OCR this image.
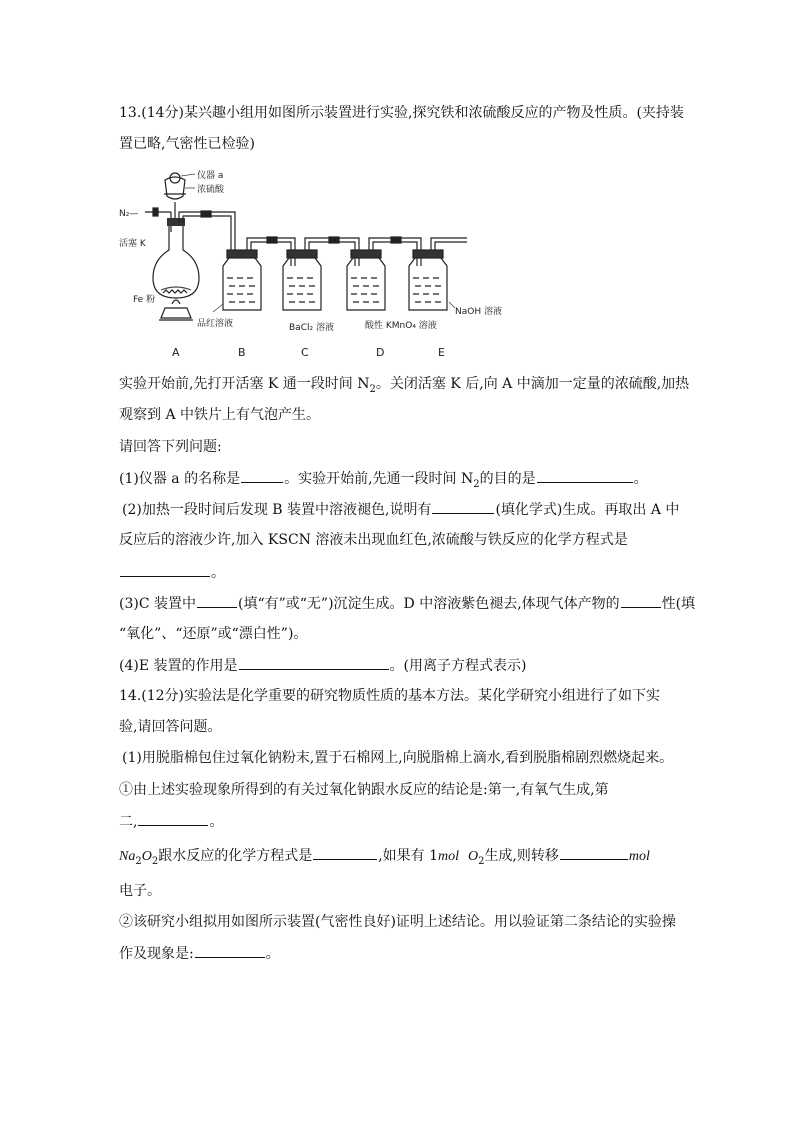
13.(14分)某兴趣小组用如图所示装置进行实验,探究铁和浓硫酸反应的产物及性质。(夹持装
置已略,气密性已检验)
仪器 a
浓硫酸
N₂—
活塞 K
Fe 粉
品红溶液	BaCl₂ 溶液	酸性 KMnO₄ 溶液
NaOH 溶液
A	B	C	D	E
实验开始前,先打开活塞 K 通一段时间 $N_2$。关闭活塞 K 后,向 A 中滴加一定量的浓硫酸,加热
观察到 A 中铁片上有气泡产生。
请回答下列问题:
(1)仪器 a 的名称是	。实验开始前,先通一段时间 $N_2$的目的是	。
(2)加热一段时间后发现 B 装置中溶液褪色,说明有	(填化学式)生成。再取出 A 中
反应后的溶液少许,加入 KSCN 溶液未出现血红色,浓硫酸与铁反应的化学方程式是
。
(3)C 装置中	(填“有”或“无”)沉淀生成。D 中溶液紫色褪去,体现气体产物的	性(填
“氧化”、“还原”或“漂白性”)。
(4)E 装置的作用是	。(用离子方程式表示)
14.(12分)实验法是化学重要的研究物质性质的基本方法。某化学研究小组进行了如下实
验,请回答问题。
(1)用脱脂棉包住过氧化钠粉末,置于石棉网上,向脱脂棉上滴水,看到脱脂棉剧烈燃烧起来。
①由上述实验现象所得到的有关过氧化钠跟水反应的结论是:第一,有氧气生成,第
二,	。
$Na_2O_2$跟水反应的化学方程式是	,如果有 1mol $O_2$生成,则转移	mol
电子。
②该研究小组拟用如图所示装置(气密性良好)证明上述结论。用以验证第二条结论的实验操
作及现象是:	。
